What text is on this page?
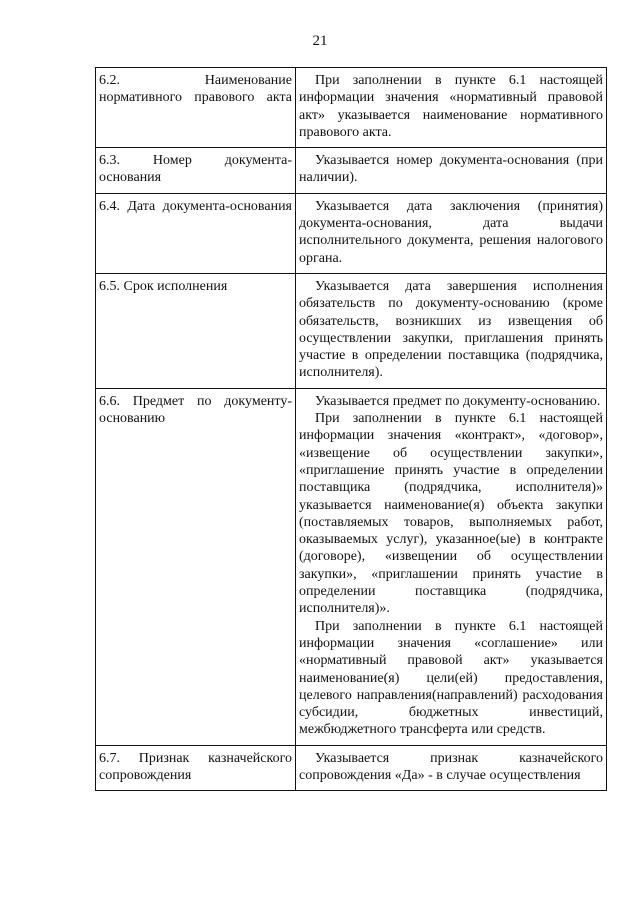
21
6.2. Наименование нормативного правового акта	При заполнении в пункте 6.1 настоящей информации значения «нормативный правовой акт» указывается наименование нормативного правового акта.

6.3. Номер документа-основания	Указывается номер документа-основания (при наличии).

6.4. Дата документа-основания	Указывается дата заключения (принятия) документа-основания, дата выдачи исполнительного документа, решения налогового органа.

6.5. Срок исполнения	Указывается дата завершения исполнения обязательств по документу-основанию (кроме обязательств, возникших из извещения об осуществлении закупки, приглашения принять участие в определении поставщика (подрядчика, исполнителя).

6.6. Предмет по документу-основанию	Указывается предмет по документу-основанию.

При заполнении в пункте 6.1 настоящей информации значения «контракт», «договор», «извещение об осуществлении закупки», «приглашение принять участие в определении поставщика (подрядчика, исполнителя)» указывается наименование(я) объекта закупки (поставляемых товаров, выполняемых работ, оказываемых услуг), указанное(ые) в контракте (договоре), «извещении об осуществлении закупки», «приглашении принять участие в определении поставщика (подрядчика, исполнителя)».

При заполнении в пункте 6.1 настоящей информации значения «соглашение» или «нормативный правовой акт» указывается наименование(я) цели(ей) предоставления, целевого направления(направлений) расходования субсидии, бюджетных инвестиций, межбюджетного трансферта или средств.

6.7. Признак казначейского сопровождения	Указывается признак казначейского сопровождения «Да» - в случае осуществления
